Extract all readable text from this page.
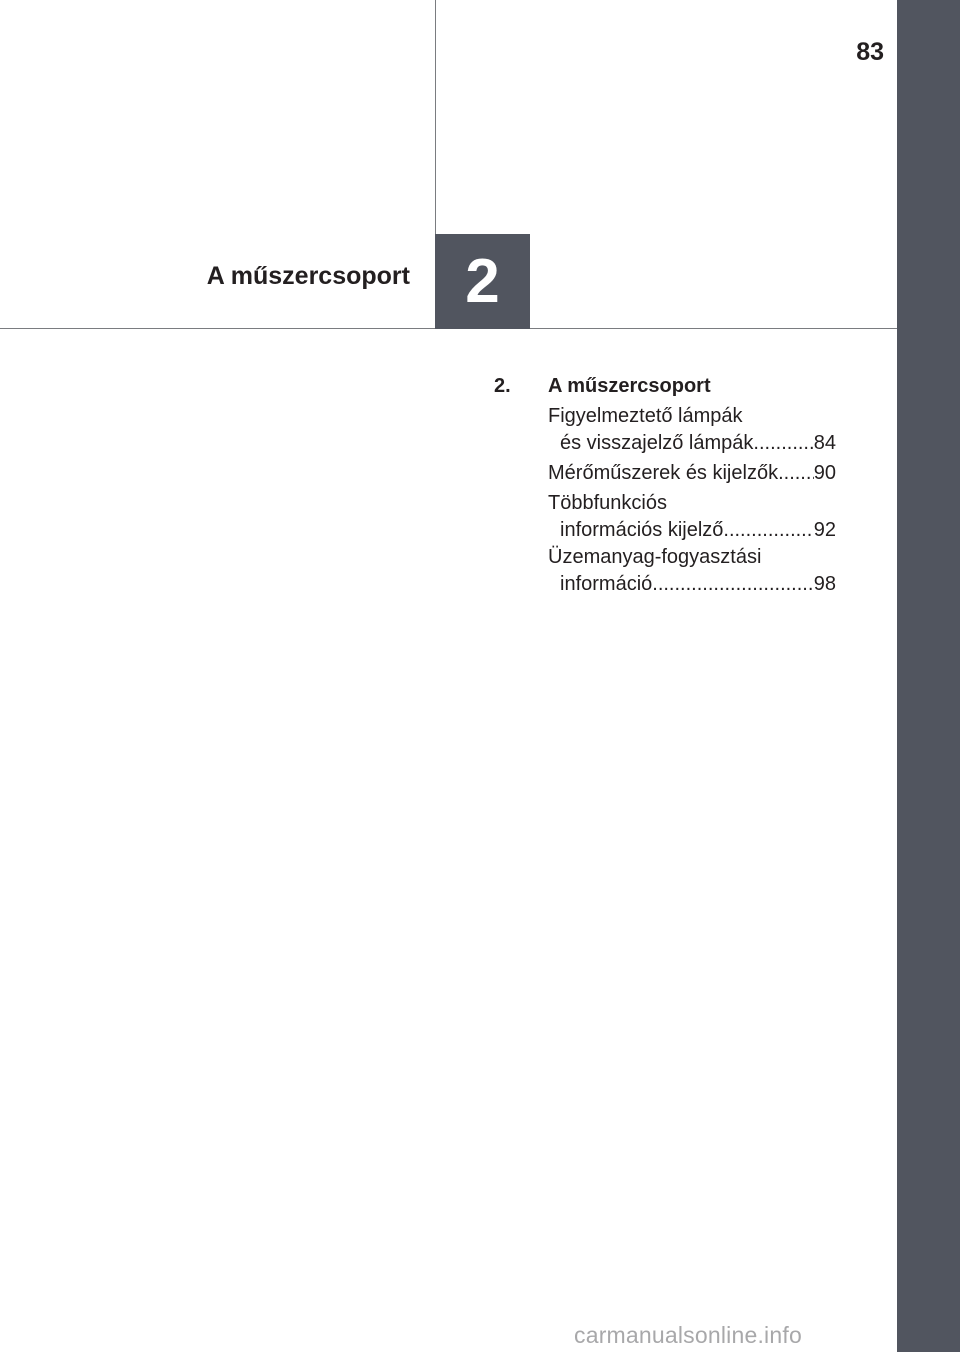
83
A műszercsoport 2
2. A műszercsoport
Figyelmeztető lámpák
és visszajelző lámpák .....	84
Mérőműszerek és kijelzők ..... 90
Többfunkciós
információs kijelző .....	92
Üzemanyag-fogyasztási
információ .....	98
carmanualsonline.info
